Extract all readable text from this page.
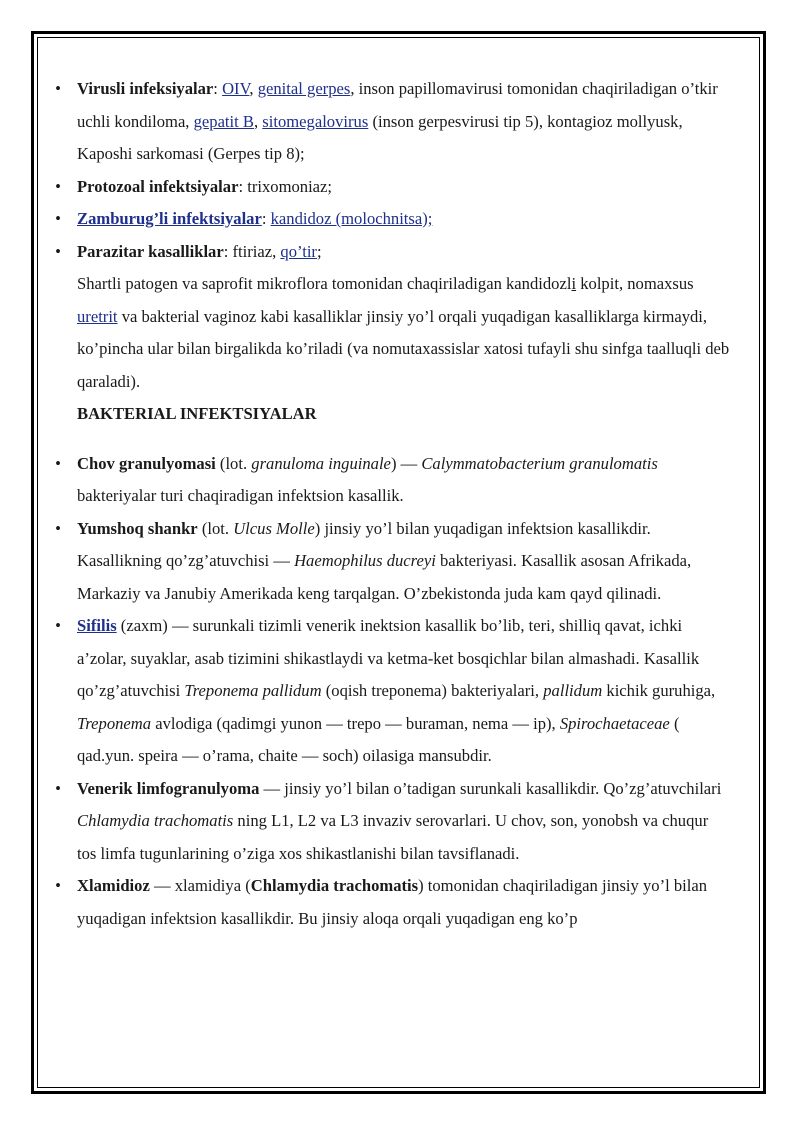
• Virusli infeksiyalar: OIV, genital gerpes, inson papillomavirusi tomonidan chaqiriladigan o’tkir uchli kondiloma, gepatit B, sitomegalovirus (inson gerpesvirusi tip 5), kontagioz mollyusk, Kaposhi sarkomasi (Gerpes tip 8);
• Protozoal infektsiyalar: trixomoniaz;
• Zamburug’li infektsiyalar: kandidoz (molochnitsa);
• Parazitar kasalliklar: ftiriaz, qo’tir;
Shartli patogen va saprofit mikroflora tomonidan chaqiriladigan kandidozli kolpit, nomaxsus uretrit va bakterial vaginoz kabi kasalliklar jinsiy yo’l orqali yuqadigan kasalliklarga kirmaydi, ko’pincha ular bilan birgalikda ko’riladi (va nomutaxassislar xatosi tufayli shu sinfga taalluqli deb qaraladi).
BAKTERIAL INFEKTSIYALAR
• Chov granulyomasi (lot. granuloma inguinale) — Calymmatobacterium granulomatis bakteriyalar turi chaqiradigan infektsion kasallik.
• Yumshoq shankr (lot. Ulcus Molle) jinsiy yo’l bilan yuqadigan infektsion kasallikdir. Kasallikning qo’zg’atuvchisi — Haemophilus ducreyi bakteriyasi. Kasallik asosan Afrikada, Markaziy va Janubiy Amerikada keng tarqalgan. O’zbekistonda juda kam qayd qilinadi.
• Sifilis (zaxm) — surunkali tizimli venerik inektsion kasallik bo’lib, teri, shilliq qavat, ichki a’zolar, suyaklar, asab tizimini shikastlaydi va ketma-ket bosqichlar bilan almashadi. Kasallik qo’zg’atuvchisi Treponema pallidum (oqish treponema) bakteriyalari, pallidum kichik guruhiga, Treponema avlodiga (qadimgi yunon — trepo — buraman, nema — ip), Spirochaetaceae ( qad.yun. speira — o’rama, chaite — soch) oilasiga mansubdir.
• Venerik limfogranulyoma — jinsiy yo’l bilan o’tadigan surunkali kasallikdir. Qo’zg’atuvchilari Chlamydia trachomatis ning L1, L2 va L3 invaziv serovarlari. U chov, son, yonobsh va chuqur tos limfa tugunlarining o’ziga xos shikastlanishi bilan tavsiflanadi.
• Xlamidioz — xlamidiya (Chlamydia trachomatis) tomonidan chaqiriladigan jinsiy yo’l bilan yuqadigan infektsion kasallikdir. Bu jinsiy aloqa orqali yuqadigan eng ko’p
